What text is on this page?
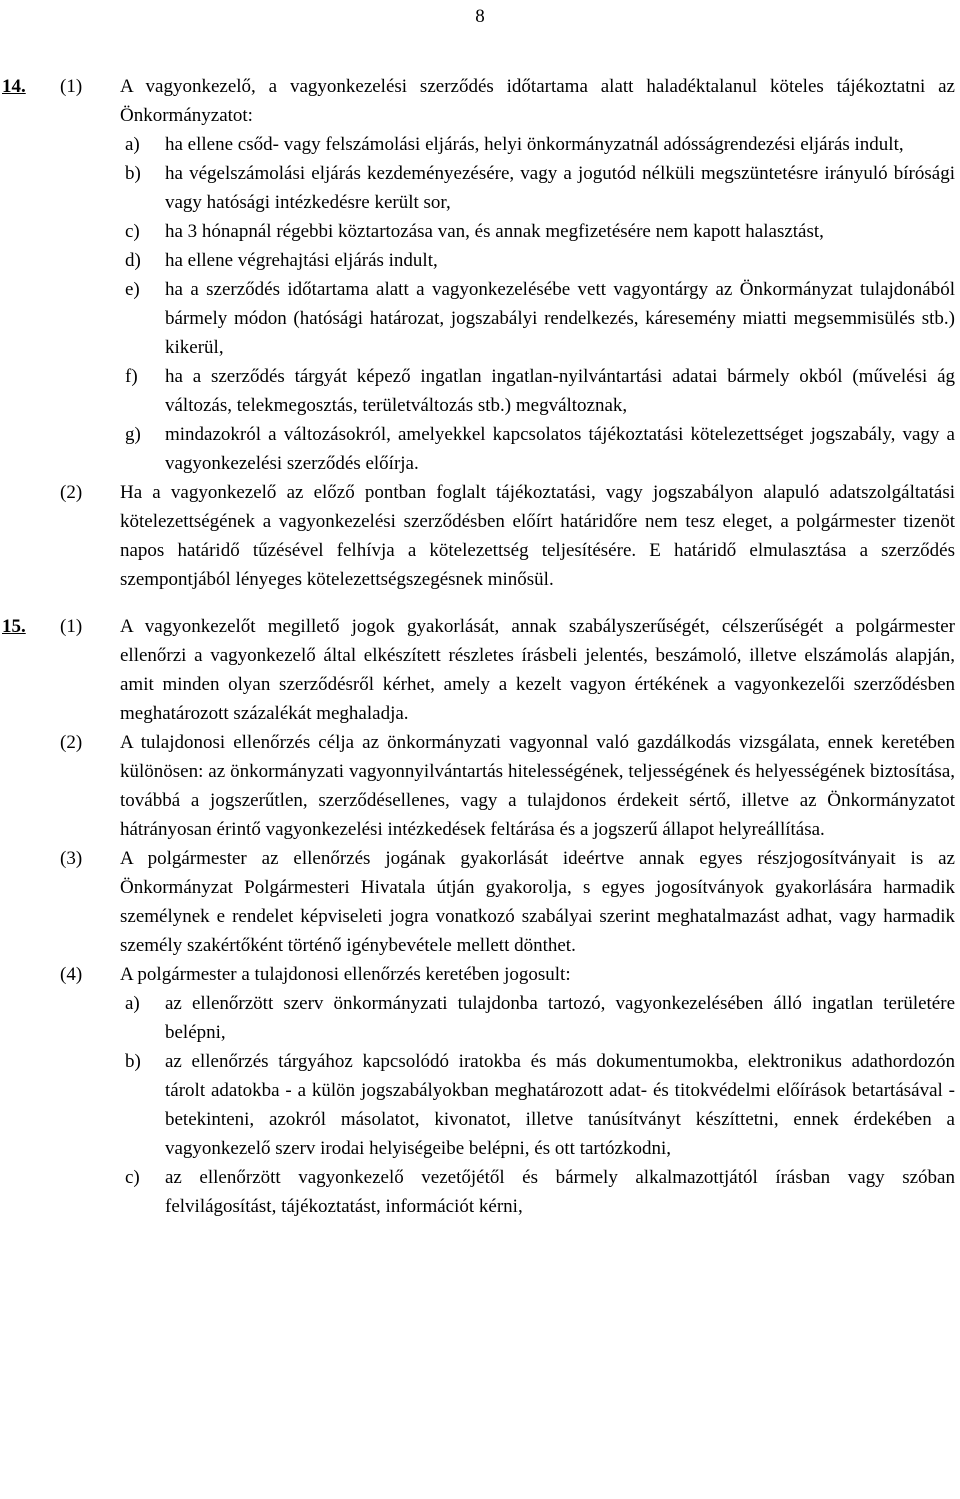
8
14. (1) A vagyonkezelő, a vagyonkezelési szerződés időtartama alatt haladéktalanul köteles tájékoztatni az Önkormányzatot:
a) ha ellene csőd- vagy felszámolási eljárás, helyi önkormányzatnál adósságrendezési eljárás indult,
b) ha végelszámolási eljárás kezdeményezésére, vagy a jogutód nélküli megszüntetésre irányuló bírósági vagy hatósági intézkedésre került sor,
c) ha 3 hónapnál régebbi köztartozása van, és annak megfizetésére nem kapott halasztást,
d) ha ellene végrehajtási eljárás indult,
e) ha a szerződés időtartama alatt a vagyonkezelésébe vett vagyontárgy az Önkormányzat tulajdonából bármely módon (hatósági határozat, jogszabályi rendelkezés, káresemény miatti megsemmisülés stb.) kikerül,
f) ha a szerződés tárgyát képező ingatlan ingatlan-nyilvántartási adatai bármely okból (művelési ág változás, telekmegosztás, területváltozás stb.) megváltoznak,
g) mindazokról a változásokról, amelyekkel kapcsolatos tájékoztatási kötelezettséget jogszabály, vagy a vagyonkezelési szerződés előírja.
(2) Ha a vagyonkezelő az előző pontban foglalt tájékoztatási, vagy jogszabályon alapuló adatszolgáltatási kötelezettségének a vagyonkezelési szerződésben előírt határidőre nem tesz eleget, a polgármester tizenöt napos határidő tűzésével felhívja a kötelezettség teljesítésére. E határidő elmulasztása a szerződés szempontjából lényeges kötelezettségszegésnek minősül.
15. (1) A vagyonkezelőt megillető jogok gyakorlását, annak szabályszerűségét, célszerűségét a polgármester ellenőrzi a vagyonkezelő által elkészített részletes írásbeli jelentés, beszámoló, illetve elszámolás alapján, amit minden olyan szerződésről kérhet, amely a kezelt vagyon értékének a vagyonkezelői szerződésben meghatározott százalékát meghaladja.
(2) A tulajdonosi ellenőrzés célja az önkormányzati vagyonnal való gazdálkodás vizsgálata, ennek keretében különösen: az önkormányzati vagyonnyilvántartás hitelességének, teljességének és helyességének biztosítása, továbbá a jogszerűtlen, szerződésellenes, vagy a tulajdonos érdekeit sértő, illetve az Önkormányzatot hátrányosan érintő vagyonkezelési intézkedések feltárása és a jogszerű állapot helyreállítása.
(3) A polgármester az ellenőrzés jogának gyakorlását ideértve annak egyes részjogosítványait is az Önkormányzat Polgármesteri Hivatala útján gyakorolja, s egyes jogosítványok gyakorlására harmadik személynek e rendelet képviseleti jogra vonatkozó szabályai szerint meghatalmazást adhat, vagy harmadik személy szakértőként történő igénybevétele mellett dönthet.
(4) A polgármester a tulajdonosi ellenőrzés keretében jogosult:
a) az ellenőrzött szerv önkormányzati tulajdonba tartozó, vagyonkezelésében álló ingatlan területére belépni,
b) az ellenőrzés tárgyához kapcsolódó iratokba és más dokumentumokba, elektronikus adathordozón tárolt adatokba - a külön jogszabályokban meghatározott adat- és titokvédelmi előírások betartásával - betekinteni, azokról másolatot, kivonatot, illetve tanúsítványt készíttetni, ennek érdekében a vagyonkezelő szerv irodai helyiségeibe belépni, és ott tartózkodni,
c) az ellenőrzött vagyonkezelő vezetőjétől és bármely alkalmazottjától írásban vagy szóban felvilágosítást, tájékoztatást, információt kérni,
